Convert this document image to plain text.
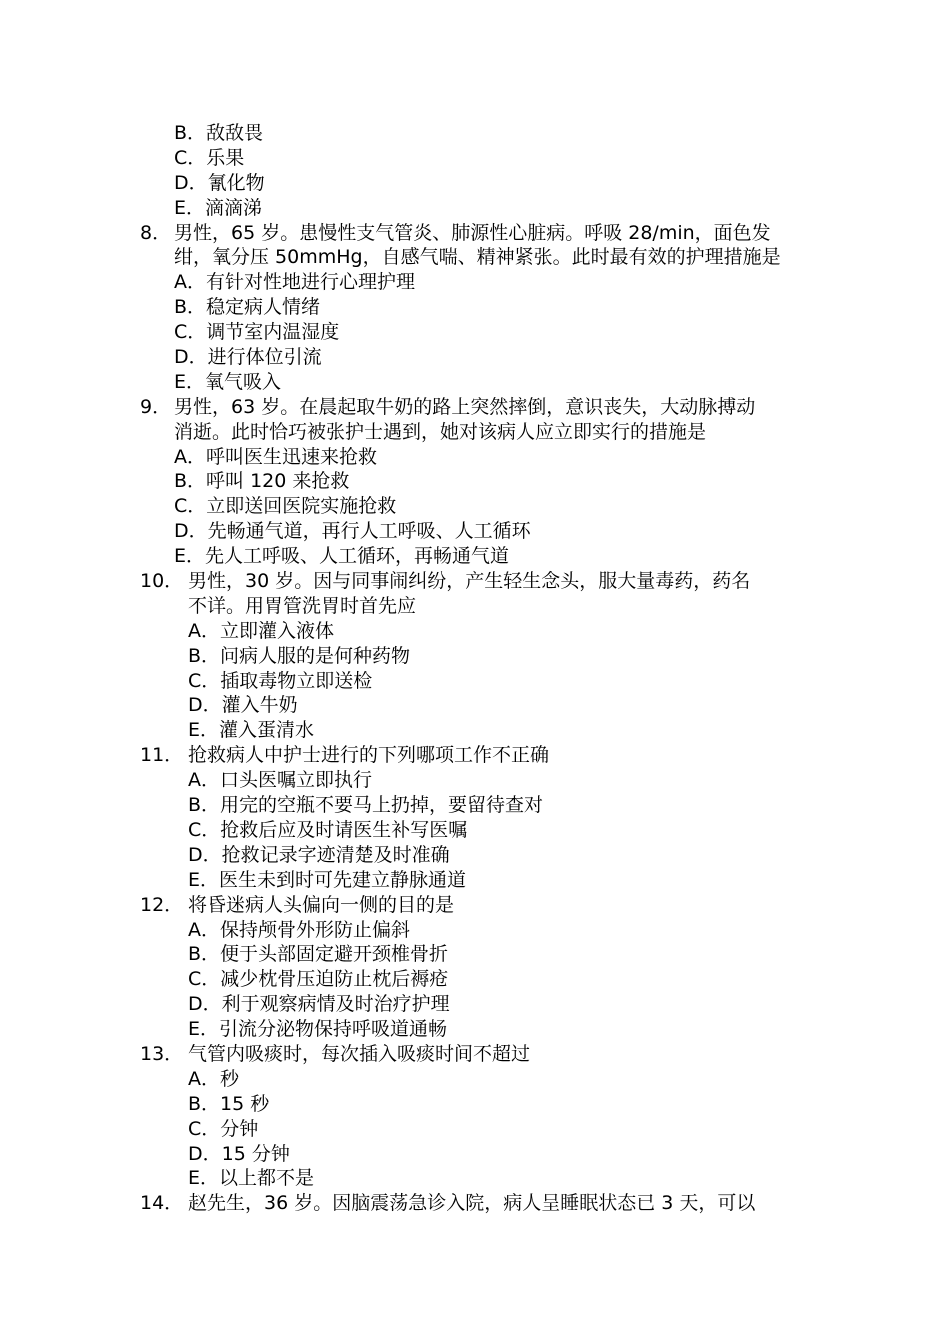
B．敌敌畏
C．乐果
D．氰化物
E．滴滴涕
8． 男性，65 岁。患慢性支气管炎、肺源性心脏病。呼吸 28/min，面色发
绀，氧分压 50mmHg，自感气喘、精神紧张。此时最有效的护理措施是
A．有针对性地进行心理护理
B．稳定病人情绪
C．调节室内温湿度
D．进行体位引流
E．氧气吸入
9． 男性，63 岁。在晨起取牛奶的路上突然摔倒，意识丧失，大动脉搏动
消逝。此时恰巧被张护士遇到，她对该病人应立即实行的措施是
A．呼叫医生迅速来抢救
B．呼叫 120 来抢救
C．立即送回医院实施抢救
D．先畅通气道，再行人工呼吸、人工循环
E．先人工呼吸、人工循环，再畅通气道
10． 男性，30 岁。因与同事闹纠纷，产生轻生念头，服大量毒药，药名
不详。用胃管洗胃时首先应
A．立即灌入液体
B．问病人服的是何种药物
C．插取毒物立即送检
D．灌入牛奶
E．灌入蛋清水
11． 抢救病人中护士进行的下列哪项工作不正确
A．口头医嘱立即执行
B．用完的空瓶不要马上扔掉，要留待查对
C．抢救后应及时请医生补写医嘱
D．抢救记录字迹清楚及时准确
E．医生未到时可先建立静脉通道
12． 将昏迷病人头偏向一侧的目的是
A．保持颅骨外形防止偏斜
B．便于头部固定避开颈椎骨折
C．减少枕骨压迫防止枕后褥疮
D．利于观察病情及时治疗护理
E．引流分泌物保持呼吸道通畅
13． 气管内吸痰时，每次插入吸痰时间不超过
A．秒
B．15 秒
C．分钟
D．15 分钟
E．以上都不是
14． 赵先生，36 岁。因脑震荡急诊入院，病人呈睡眠状态已 3 天，可以
